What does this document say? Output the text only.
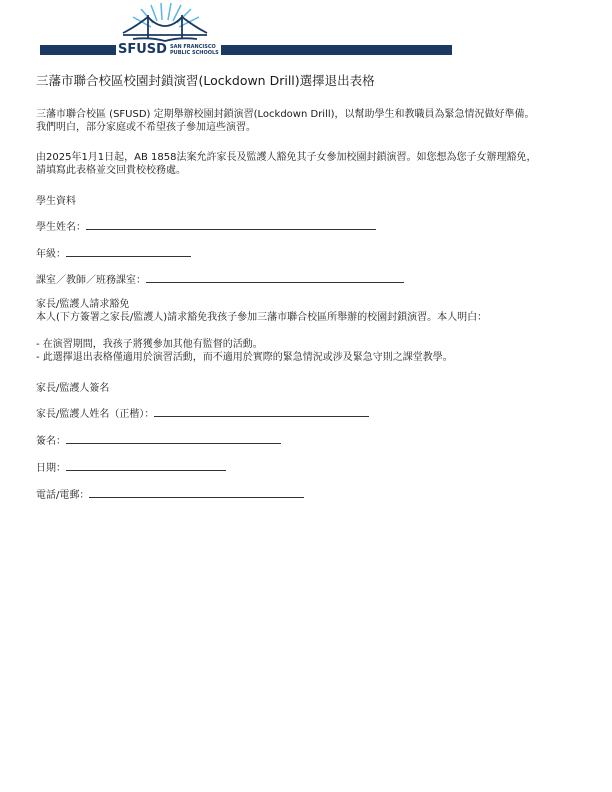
SFUSD SAN FRANCISCO
PUBLIC SCHOOLS
三藩市聯合校區校園封鎖演習(Lockdown Drill)選擇退出表格
三藩市聯合校區 (SFUSD) 定期舉辦校園封鎖演習(Lockdown Drill)，以幫助學生和教職員為緊急情況做好準備。
我們明白，部分家庭或不希望孩子參加這些演習。
由2025年1月1日起，AB 1858法案允許家長及監護人豁免其子女參加校園封鎖演習。如您想為您子女辦理豁免，
請填寫此表格並交回貴校校務處。
學生資料
學生姓名：
年級：
課室／教師／班務課室：
家長/監護人請求豁免
本人(下方簽署之家長/監護人)請求豁免我孩子參加三藩市聯合校區所舉辦的校園封鎖演習。本人明白：
- 在演習期間，我孩子將獲參加其他有監督的活動。
- 此選擇退出表格僅適用於演習活動，而不適用於實際的緊急情況或涉及緊急守則之課堂教學。
家長/監護人簽名
家長/監護人姓名（正楷）：
簽名：
日期：
電話/電郵：
